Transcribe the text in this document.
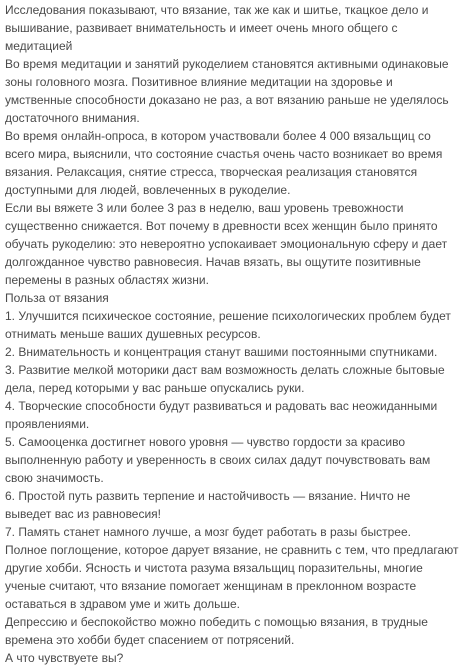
Исследования показывают, что вязание, так же как и шитье, ткацкое дело и вышивание, развивает внимательность и имеет очень много общего с медитацией

Во время медитации и занятий рукоделием становятся активными одинаковые зоны головного мозга. Позитивное влияние медитации на здоровье и умственные способности доказано не раз, а вот вязанию раньше не уделялось достаточного внимания.

Во время онлайн-опроса, в котором участвовали более 4 000 вязальщиц со всего мира, выяснили, что состояние счастья очень часто возникает во время вязания. Релаксация, снятие стресса, творческая реализация становятся доступными для людей, вовлеченных в рукоделие.

Если вы вяжете 3 или более 3 раз в неделю, ваш уровень тревожности существенно снижается. Вот почему в древности всех женщин было принято обучать рукоделию: это невероятно успокаивает эмоциональную сферу и дает долгожданное чувство равновесия. Начав вязать, вы ощутите позитивные перемены в разных областях жизни.

Польза от вязания

1. Улучшится психическое состояние, решение психологических проблем будет отнимать меньше ваших душевных ресурсов.

2. Внимательность и концентрация станут вашими постоянными спутниками.

3. Развитие мелкой моторики даст вам возможность делать сложные бытовые дела, перед которыми у вас раньше опускались руки.

4. Творческие способности будут развиваться и радовать вас неожиданными проявлениями.

5. Самооценка достигнет нового уровня — чувство гордости за красиво выполненную работу и уверенность в своих силах дадут почувствовать вам свою значимость.

6. Простой путь развить терпение и настойчивость — вязание. Ничто не выведет вас из равновесия!

7. Память станет намного лучше, а мозг будет работать в разы быстрее.

Полное поглощение, которое дарует вязание, не сравнить с тем, что предлагают другие хобби. Ясность и чистота разума вязальщиц поразительны, многие ученые считают, что вязание помогает женщинам в преклонном возрасте оставаться в здравом уме и жить дольше.

Депрессию и беспокойство можно победить с помощью вязания, в трудные времена это хобби будет спасением от потрясений.

А что чувствуете вы?
